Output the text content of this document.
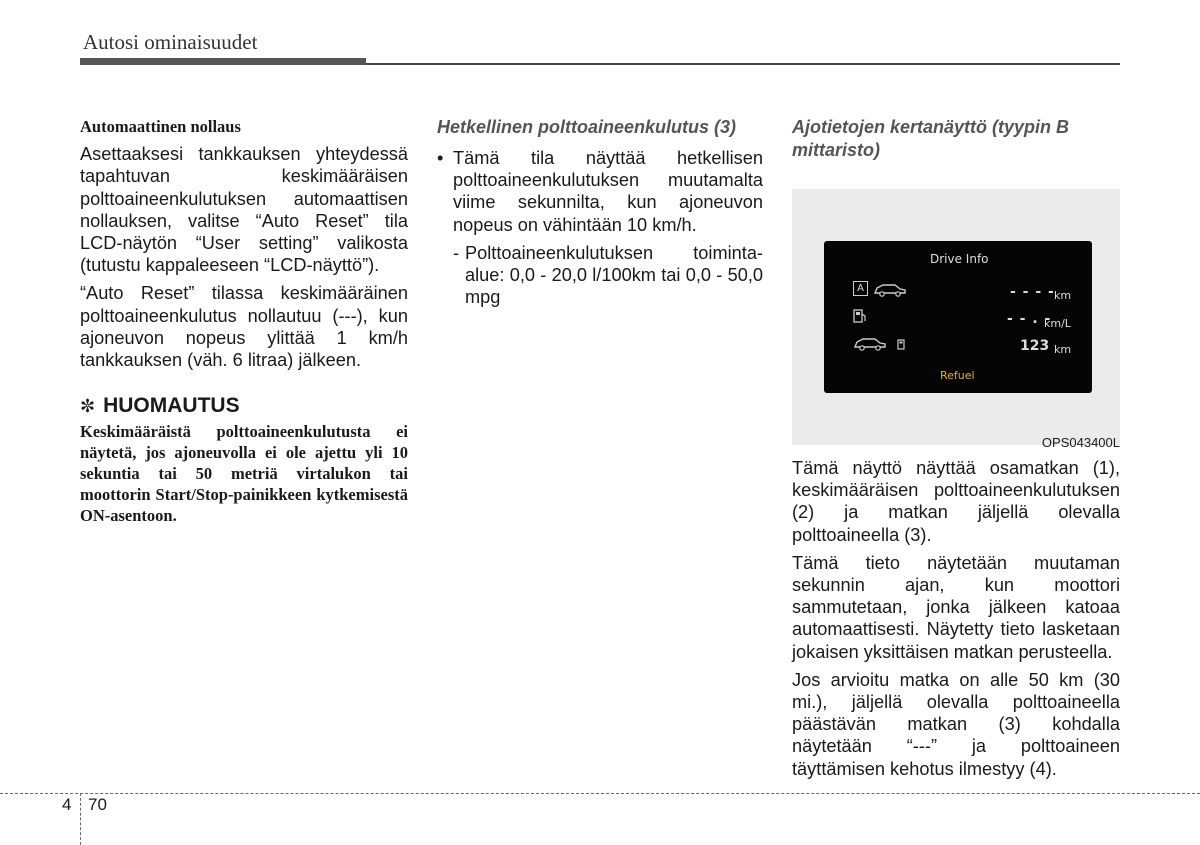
Autosi ominaisuudet
Automaattinen nollaus

Asettaaksesi tankkauksen yhteydessä tapahtuvan keskimääräisen polttoaineenkulutuksen automaattisen nollauksen, valitse “Auto Reset” tila LCD-näytön “User setting” valikosta (tutustu kappaleeseen “LCD-näyttö”).

“Auto Reset” tilassa keskimääräinen polttoaineenkulutus nollautuu (---), kun ajoneuvon nopeus ylittää 1 km/h tankkauksen (väh. 6 litraa) jälkeen.

✼ HUOMAUTUS
Keskimääräistä polttoaineenkulutusta ei näytetä, jos ajoneuvolla ei ole ajettu yli 10 sekuntia tai 50 metriä virtalukon tai moottorin Start/Stop-painikkeen kytkemisestä ON-asentoon.
Hetkellinen polttoaineenkulutus (3)
• Tämä tila näyttää hetkellisen polttoaineenkulutuksen muutamalta viime sekunnilta, kun ajoneuvon nopeus on vähintään 10 km/h.
- Polttoaineenkulutuksen toiminta-alue: 0,0 - 20,0 l/100km tai 0,0 - 50,0 mpg
Ajotietojen kertanäyttö (tyypin B mittaristo)
Drive Info
A	- - - - km
- - . -
km/L
123 km
Refuel
OPS043400L

Tämä näyttö näyttää osamatkan (1), keskimääräisen polttoaineenkulutuksen (2) ja matkan jäljellä olevalla polttoaineella (3).

Tämä tieto näytetään muutaman sekunnin ajan, kun moottori sammutetaan, jonka jälkeen katoaa automaattisesti. Näytetty tieto lasketaan jokaisen yksittäisen matkan perusteella.

Jos arvioitu matka on alle 50 km (30 mi.), jäljellä olevalla polttoaineella päästävän matkan (3) kohdalla näytetään “---” ja polttoaineen täyttämisen kehotus ilmestyy (4).

4 70
